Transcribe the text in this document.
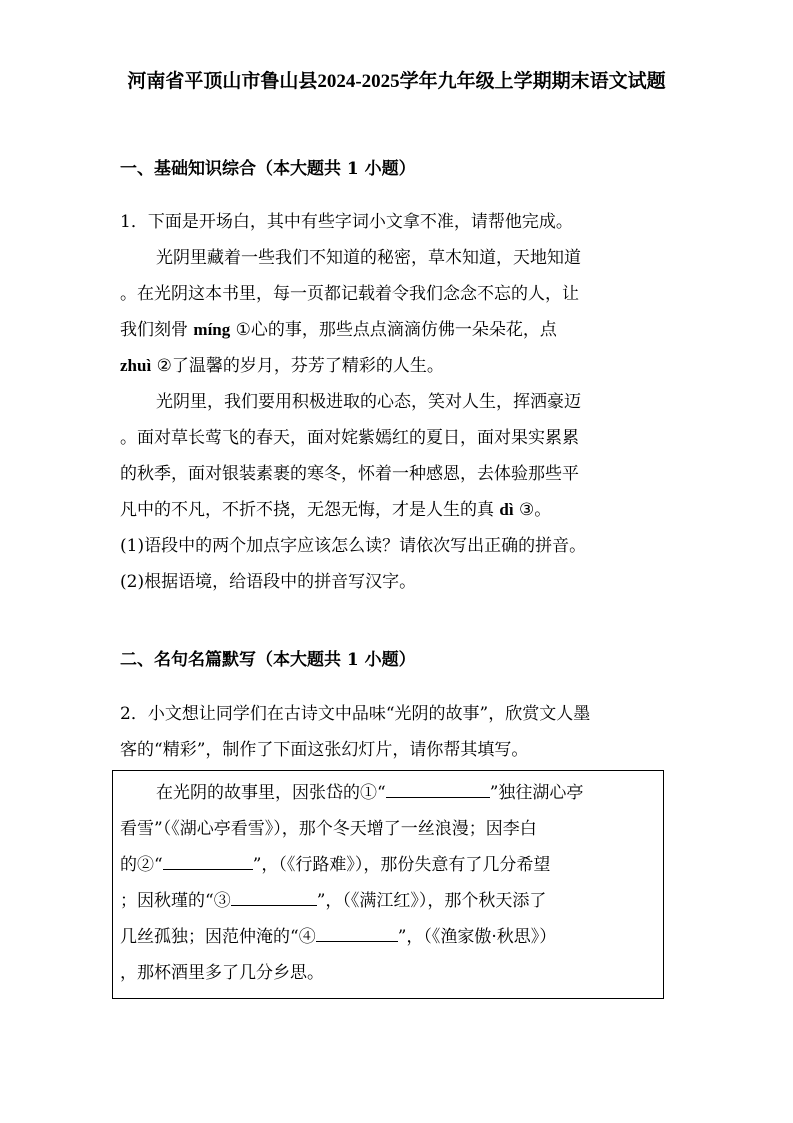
河南省平顶山市鲁山县2024-2025学年九年级上学期期末语文试题
一、基础知识综合（本大题共 1 小题）
1．下面是开场白，其中有些字词小文拿不准，请帮他完成。
光阴里藏着一些我们不知道的秘密，草木知道，天地知道
。在光阴这本书里，每一页都记载着令我们念念不忘的人，让
我们刻骨 míng ①心的事，那些点点滴滴仿佛一朵朵花，点
zhuì ②了温馨的岁月，芬芳了精彩的人生。
光阴里，我们要用积极进取的心态，笑对人生，挥洒豪迈
。面对草长莺飞的春天，面对姹紫嫣红的夏日，面对果实累累
的秋季，面对银装素裹的寒冬，怀着一种感恩，去体验那些平
凡中的不凡，不折不挠，无怨无悔，才是人生的真 dì ③。
(1)语段中的两个加点字应该怎么读？请依次写出正确的拼音。
(2)根据语境，给语段中的拼音写汉字。
二、名句名篇默写（本大题共 1 小题）
2．小文想让同学们在古诗文中品味“光阴的故事”，欣赏文人墨
客的“精彩”，制作了下面这张幻灯片，请你帮其填写。
在光阴的故事里，因张岱的①“	”独往湖心亭
看雪”（《湖心亭看雪》），那个冬天增了一丝浪漫；因李白
的②“	”，（《行路难》），那份失意有了几分希望
；因秋瑾的“③	”，（《满江红》），那个秋天添了
几丝孤独；因范仲淹的“④	”，（《渔家傲·秋思》）
，那杯酒里多了几分乡思。
